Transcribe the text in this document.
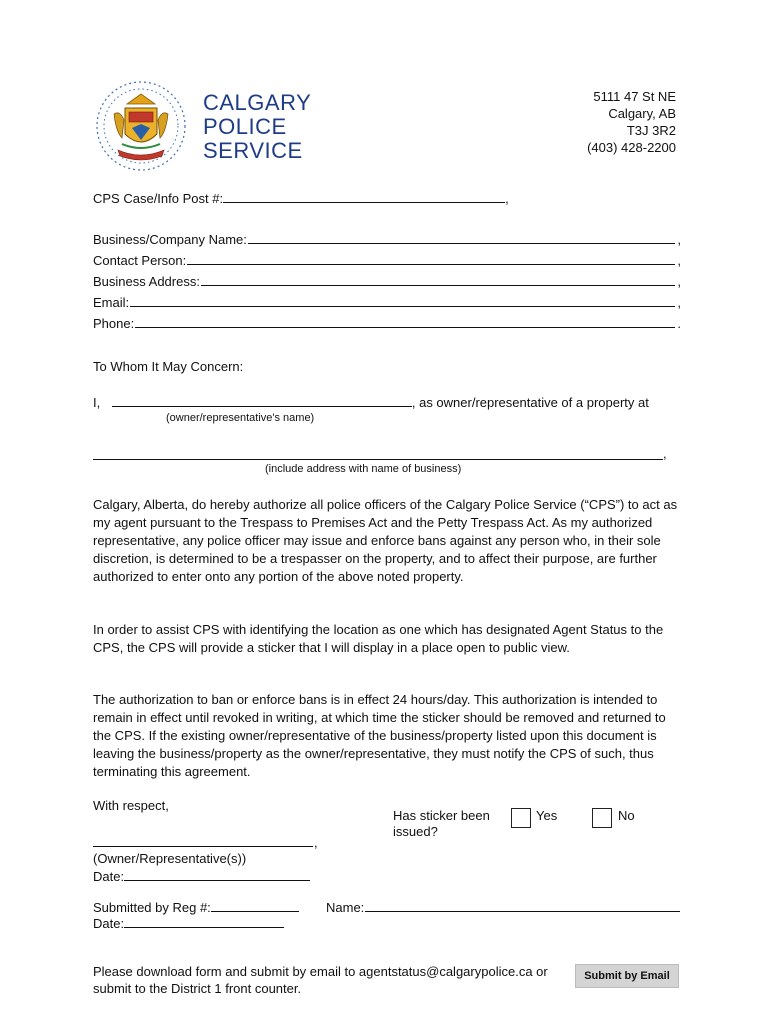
CALGARY
POLICE
SERVICE
5111 47 St NE
Calgary, AB
T3J 3R2
(403) 428-2200
CPS Case/Info Post #:	,
Business/Company Name:	,
Contact Person:	,
Business Address:	,
Email:	,
Phone:	.
To Whom It May Concern:
I,	, as owner/representative of a property at
(owner/representative's name)
,
(include address with name of business)
Calgary, Alberta, do hereby authorize all police officers of the Calgary Police Service (“CPS”) to act as my agent pursuant to the Trespass to Premises Act and the Petty Trespass Act. As my authorized representative, any police officer may issue and enforce bans against any person who, in their sole discretion, is determined to be a trespasser on the property, and to affect their purpose, are further authorized to enter onto any portion of the above noted property.
In order to assist CPS with identifying the location as one which has designated Agent Status to the CPS, the CPS will provide a sticker that I will display in a place open to public view.
The authorization to ban or enforce bans is in effect 24 hours/day. This authorization is intended to remain in effect until revoked in writing, at which time the sticker should be removed and returned to the CPS. If the existing owner/representative of the business/property listed upon this document is leaving the business/property as the owner/representative, they must notify the CPS of such, thus terminating this agreement.
With respect,
,
(Owner/Representative(s))
Date:
Has sticker been
issued?
Yes	No
Submitted by Reg #:	Name:
Date:
Please download form and submit by email to agentstatus@calgarypolice.ca or
submit to the District 1 front counter.
Submit by Email
